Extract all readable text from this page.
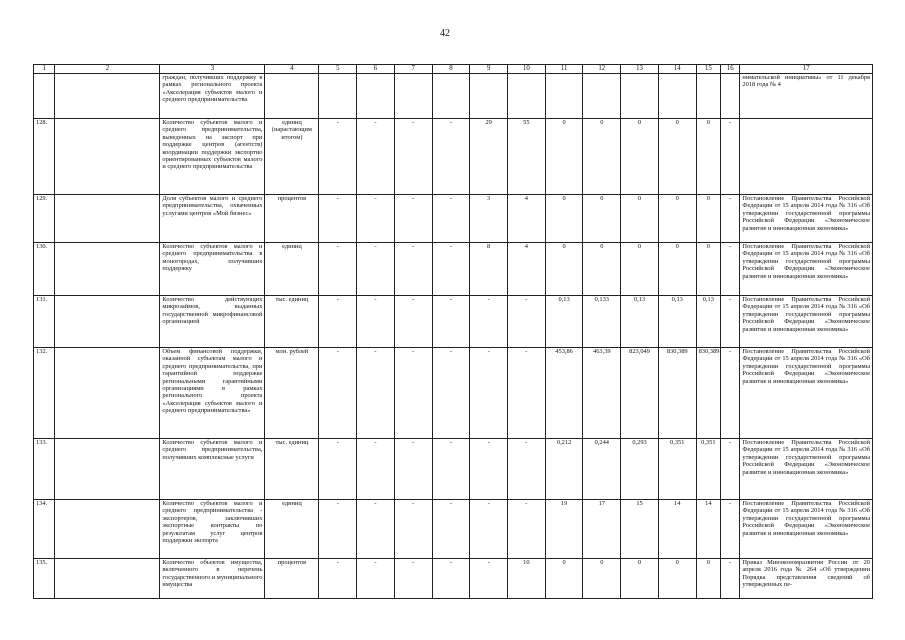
42
1	2	3	4	5	6	7	8	9	10	11	12	13	14	15	16	17
		граждан, получивших поддержку в рамках регионального проекта «Акселерация субъектов малого и среднего предпринимательства														нимательской инициативы» от 11 декабря 2018 года № 4
128.		Количество субъектов малого и среднего предпринимательства, выведенных на экспорт при поддержке центров (агентств) координации поддержки экспортно ориентированных субъектов малого и среднего предпринимательства	единиц (нарастающим итогом)	-	-	-	-	29	55	0	0	0	0	0	-	
129.		Доля субъектов малого и среднего предпринимательства, охваченных услугами центров «Мой бизнес»	процентов	-	-	-	-	3	4	0	0	0	0	0	-	Постановление Правительства Российской Федерации от 15 апреля 2014 года № 316 «Об утверждении государственной программы Российской Федерации «Экономическое развитие и инновационная экономика»
130.		Количество субъектов малого и среднего предпринимательства в моногородах, получивших поддержку	единиц	-	-	-	-	8	4	0	0	0	0	0	-	Постановление Правительства Российской Федерации от 15 апреля 2014 года № 316 «Об утверждении государственной программы Российской Федерации «Экономическое развитие и инновационная экономика»
131.		Количество действующих микрозаймов, выданных государственной микрофинансовой организацией	тыс. единиц	-	-	-	-	-	-	0,13	0,133	0,13	0,13	0,13	-	Постановление Правительства Российской Федерации от 15 апреля 2014 года № 316 «Об утверждении государственной программы Российской Федерации «Экономическое развитие и инновационная экономика»
132.		Объем финансовой поддержки, оказанной субъектам малого и среднего предпринимательства, при гарантийной поддержке региональными гарантийными организациями в рамках регионального проекта «Акселерация субъектов малого и среднего предпринимательства»	млн. рублей	-	-	-	-	-	-	453,86	463,39	823,049	830,389	830,389	-	Постановление Правительства Российской Федерации от 15 апреля 2014 года № 316 «Об утверждении государственной программы Российской Федерации «Экономическое развитие и инновационная экономика»
133.		Количество субъектов малого и среднего предпринимательства, получивших комплексные услуги	тыс. единиц	-	-	-	-	-	-	0,212	0,244	0,293	0,351	0,351	-	Постановление Правительства Российской Федерации от 15 апреля 2014 года № 316 «Об утверждении государственной программы Российской Федерации «Экономическое развитие и инновационная экономика»
134.		Количество субъектов малого и среднего предпринимательства - экспортеров, заключивших экспортные контракты по результатам услуг центров поддержки экспорта	единиц	-	-	-	-	-	-	19	17	15	14	14	-	Постановление Правительства Российской Федерации от 15 апреля 2014 года № 316 «Об утверждении государственной программы Российской Федерации «Экономическое развитие и инновационная экономика»
135.		Количество объектов имущества, включенного в перечень государственного и муниципального имущества	процентов	-	-	-	-	-	10	0	0	0	0	0	-	Приказ Минэкономразвития России от 20 апреля 2016 года № 264 «Об утверждении Порядка представления сведений об утвержденных пе-
